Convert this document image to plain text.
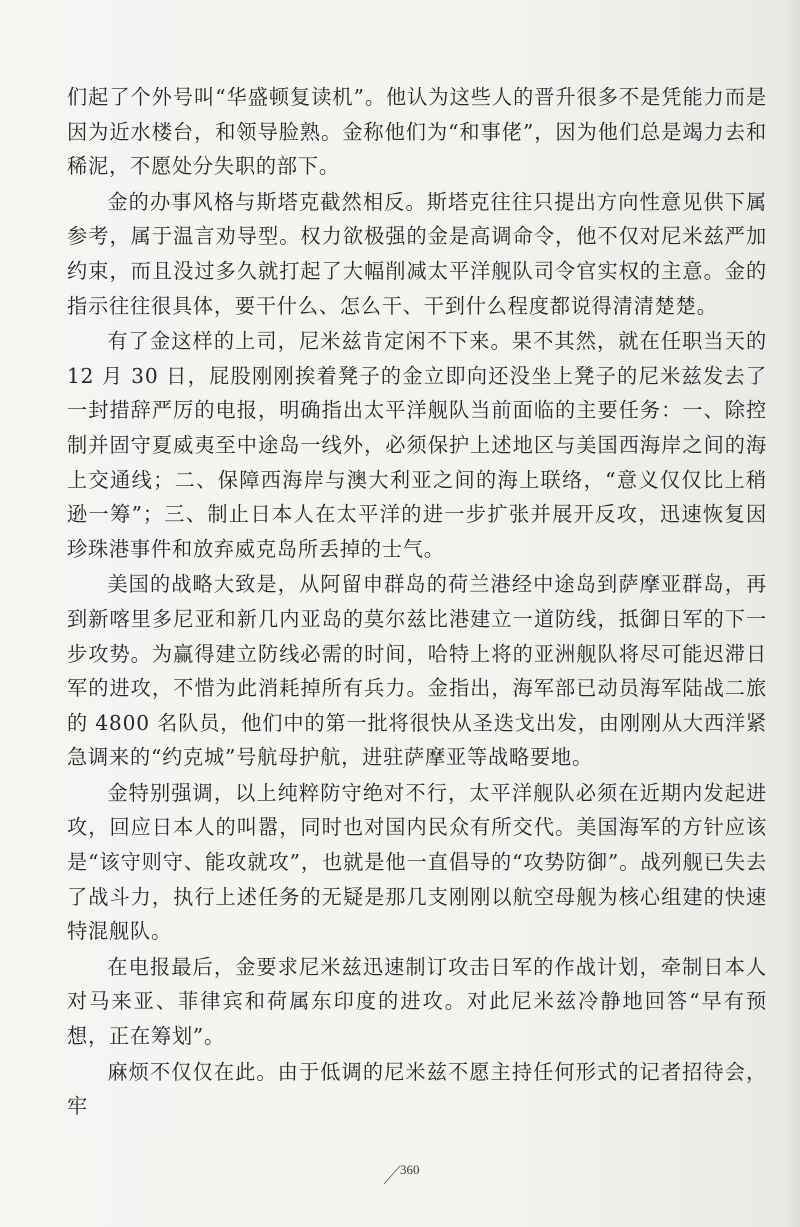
们起了个外号叫“华盛顿复读机”。他认为这些人的晋升很多不是凭能力而是因为近水楼台，和领导脸熟。金称他们为“和事佬”，因为他们总是竭力去和稀泥，不愿处分失职的部下。

金的办事风格与斯塔克截然相反。斯塔克往往只提出方向性意见供下属参考，属于温言劝导型。权力欲极强的金是高调命令，他不仅对尼米兹严加约束，而且没过多久就打起了大幅削减太平洋舰队司令官实权的主意。金的指示往往很具体，要干什么、怎么干、干到什么程度都说得清清楚楚。

有了金这样的上司，尼米兹肯定闲不下来。果不其然，就在任职当天的 12 月 30 日，屁股刚刚挨着凳子的金立即向还没坐上凳子的尼米兹发去了一封措辞严厉的电报，明确指出太平洋舰队当前面临的主要任务：一、除控制并固守夏威夷至中途岛一线外，必须保护上述地区与美国西海岸之间的海上交通线；二、保障西海岸与澳大利亚之间的海上联络，“意义仅仅比上稍逊一筹”；三、制止日本人在太平洋的进一步扩张并展开反攻，迅速恢复因珍珠港事件和放弃威克岛所丢掉的士气。

美国的战略大致是，从阿留申群岛的荷兰港经中途岛到萨摩亚群岛，再到新喀里多尼亚和新几内亚岛的莫尔兹比港建立一道防线，抵御日军的下一步攻势。为赢得建立防线必需的时间，哈特上将的亚洲舰队将尽可能迟滞日军的进攻，不惜为此消耗掉所有兵力。金指出，海军部已动员海军陆战二旅的 4800 名队员，他们中的第一批将很快从圣迭戈出发，由刚刚从大西洋紧急调来的“约克城”号航母护航，进驻萨摩亚等战略要地。

金特别强调，以上纯粹防守绝对不行，太平洋舰队必须在近期内发起进攻，回应日本人的叫嚣，同时也对国内民众有所交代。美国海军的方针应该是“该守则守、能攻就攻”，也就是他一直倡导的“攻势防御”。战列舰已失去了战斗力，执行上述任务的无疑是那几支刚刚以航空母舰为核心组建的快速特混舰队。

在电报最后，金要求尼米兹迅速制订攻击日军的作战计划，牵制日本人对马来亚、菲律宾和荷属东印度的进攻。对此尼米兹冷静地回答“早有预想，正在筹划”。

麻烦不仅仅在此。由于低调的尼米兹不愿主持任何形式的记者招待会，牢

360
